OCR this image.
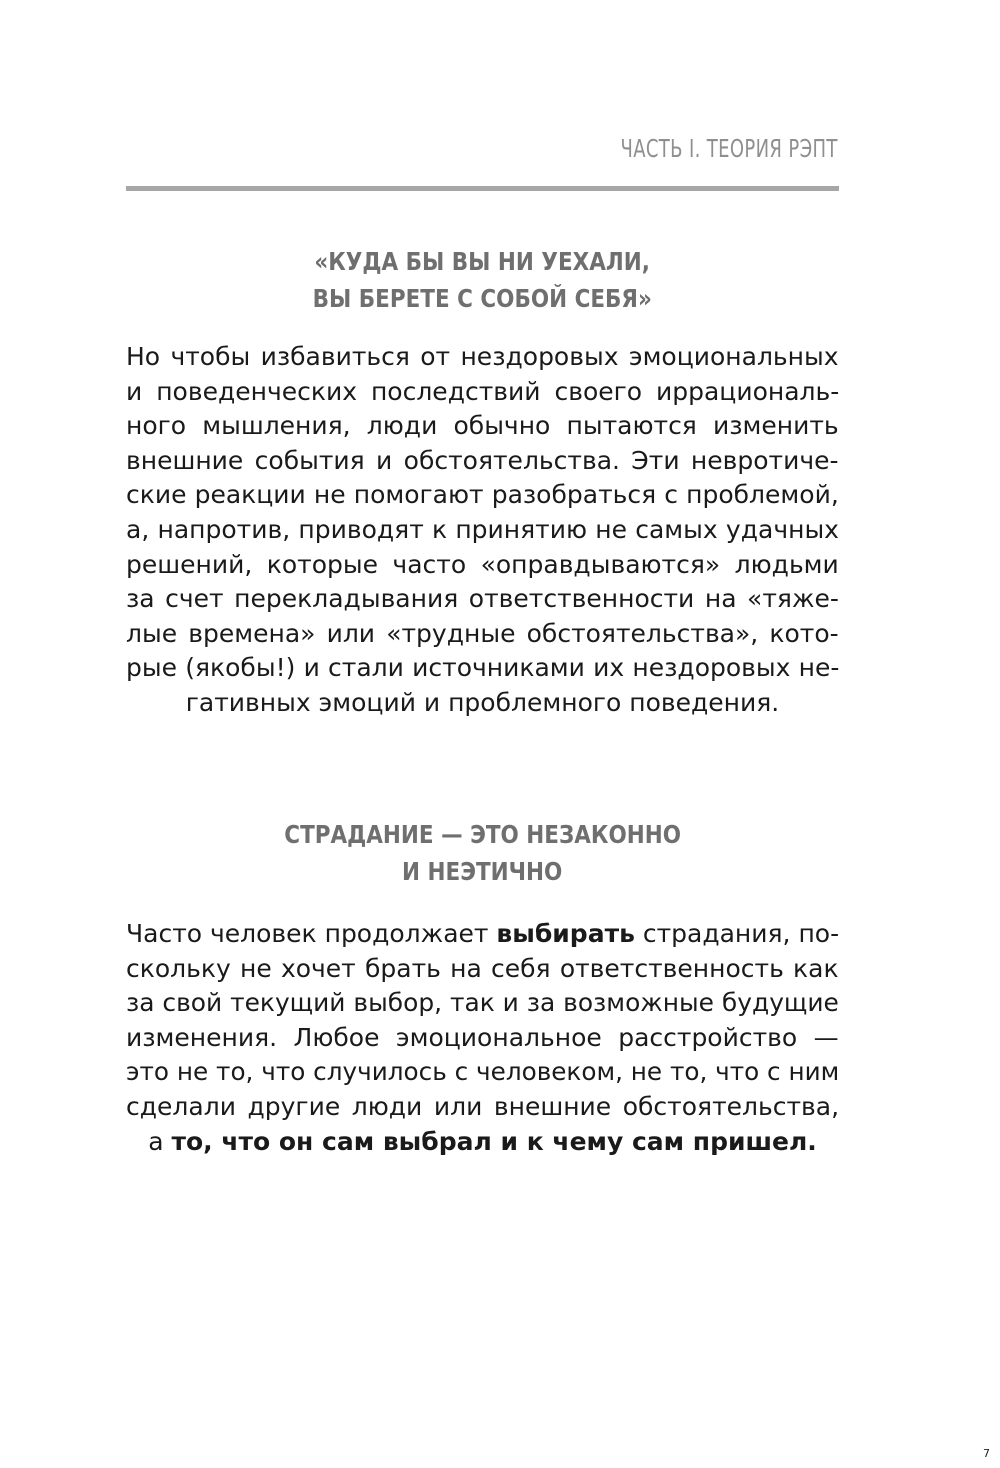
ЧАСТЬ I. ТЕОРИЯ РЭПТ
«КУДА БЫ ВЫ НИ УЕХАЛИ,
ВЫ БЕРЕТЕ С СОБОЙ СЕБЯ»
Но чтобы избавиться от нездоровых эмоциональных
и поведенческих последствий своего иррациональ-
ного мышления, люди обычно пытаются изменить
внешние события и обстоятельства. Эти невротиче-
ские реакции не помогают разобраться с проблемой,
а, напротив, приводят к принятию не самых удачных
решений, которые часто «оправдываются» людьми
за счет перекладывания ответственности на «тяже-
лые времена» или «трудные обстоятельства», кото-
рые (якобы!) и стали источниками их нездоровых не-
гативных эмоций и проблемного поведения.
СТРАДАНИЕ — ЭТО НЕЗАКОННО
И НЕЭТИЧНО
Часто человек продолжает выбирать страдания, по-
скольку не хочет брать на себя ответственность как
за свой текущий выбор, так и за возможные будущие
изменения. Любое эмоциональное расстройство —
это не то, что случилось с человеком, не то, что с ним
сделали другие люди или внешние обстоятельства,
а то, что он сам выбрал и к чему сам пришел.
7
